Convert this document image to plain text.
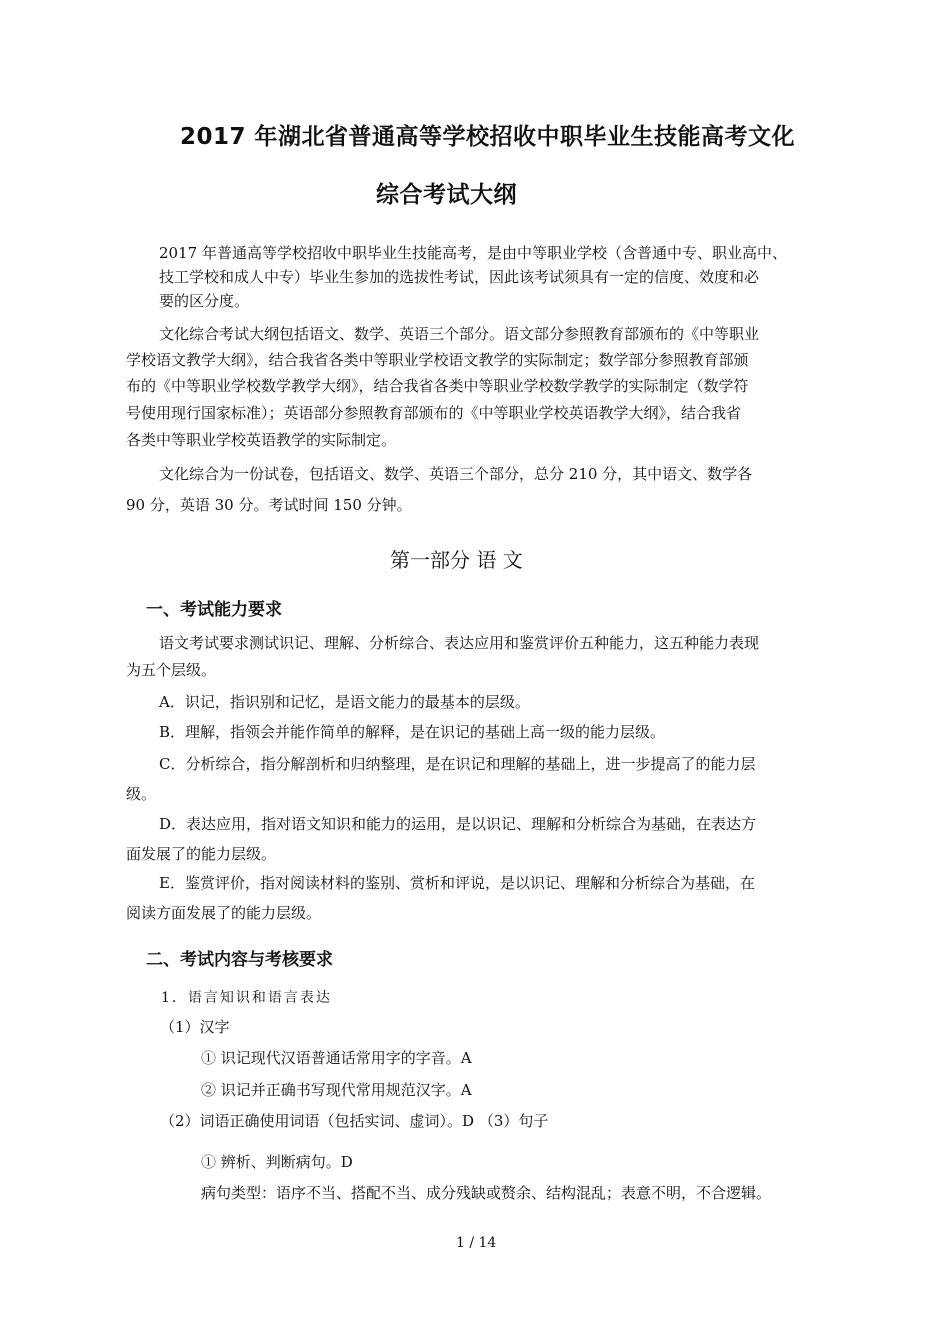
2017 年湖北省普通高等学校招收中职毕业生技能高考文化
综合考试大纲
2017 年普通高等学校招收中职毕业生技能高考，是由中等职业学校（含普通中专、职业高中、
技工学校和成人中专）毕业生参加的选拔性考试，因此该考试须具有一定的信度、效度和必
要的区分度。
文化综合考试大纲包括语文、数学、英语三个部分。语文部分参照教育部颁布的《中等职业
学校语文教学大纲》，结合我省各类中等职业学校语文教学的实际制定；数学部分参照教育部颁
布的《中等职业学校数学教学大纲》，结合我省各类中等职业学校数学教学的实际制定（数学符
号使用现行国家标准）；英语部分参照教育部颁布的《中等职业学校英语教学大纲》，结合我省
各类中等职业学校英语教学的实际制定。
文化综合为一份试卷，包括语文、数学、英语三个部分，总分 210 分，其中语文、数学各
90 分，英语 30 分。考试时间 150 分钟。
第一部分 语 文
一、考试能力要求
语文考试要求测试识记、理解、分析综合、表达应用和鉴赏评价五种能力，这五种能力表现
为五个层级。
A．识记，指识别和记忆，是语文能力的最基本的层级。
B．理解，指领会并能作简单的解释，是在识记的基础上高一级的能力层级。
C．分析综合，指分解剖析和归纳整理，是在识记和理解的基础上，进一步提高了的能力层
级。
D．表达应用，指对语文知识和能力的运用，是以识记、理解和分析综合为基础，在表达方
面发展了的能力层级。
E．鉴赏评价，指对阅读材料的鉴别、赏析和评说，是以识记、理解和分析综合为基础，在
阅读方面发展了的能力层级。
二、考试内容与考核要求
1．语言知识和语言表达
（1）汉字
① 识记现代汉语普通话常用字的字音。A
② 识记并正确书写现代常用规范汉字。A
（2）词语正确使用词语（包括实词、虚词）。D （3）句子
① 辨析、判断病句。D
病句类型：语序不当、搭配不当、成分残缺或赘余、结构混乱；表意不明，不合逻辑。
1 / 14
